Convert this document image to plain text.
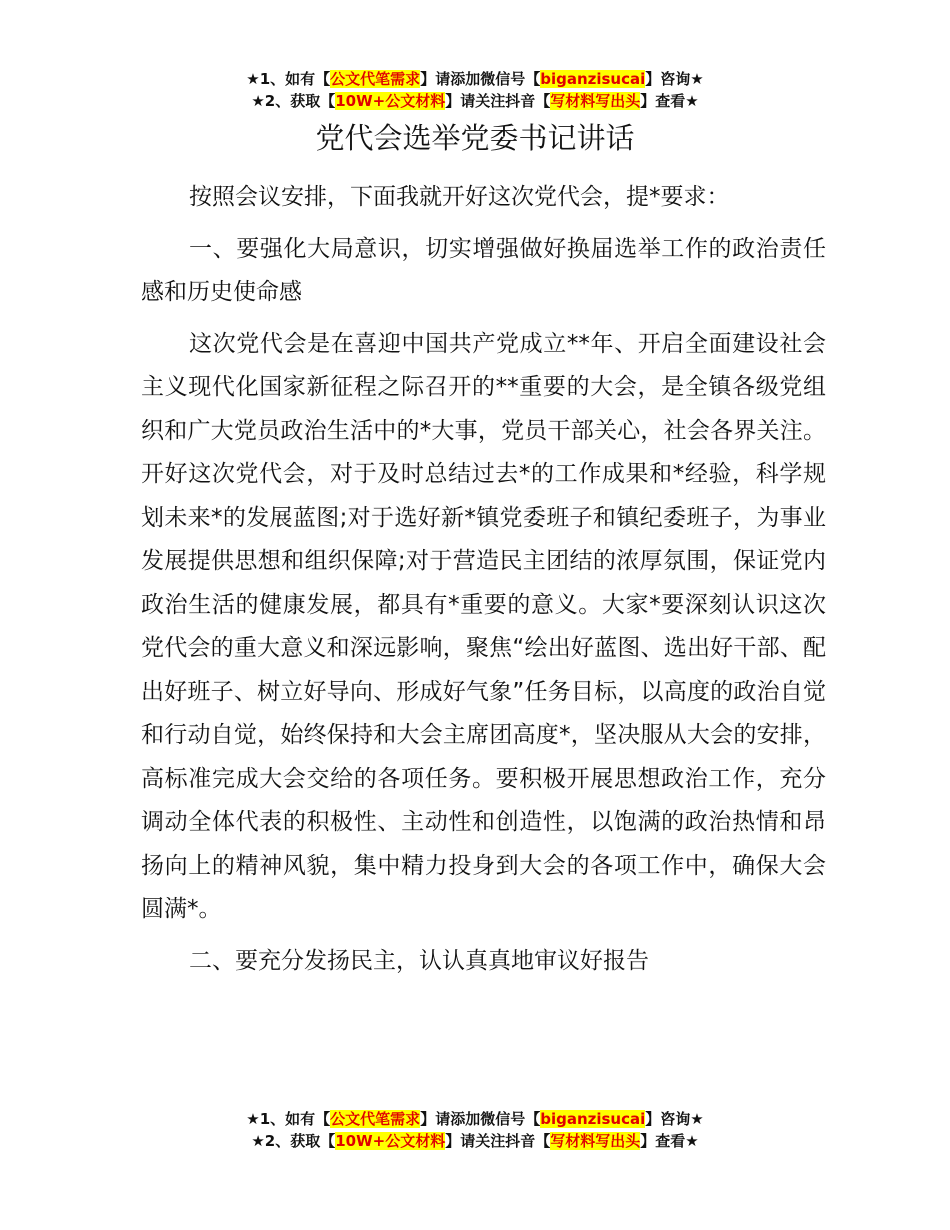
★1、如有【公文代笔需求】请添加微信号【biganzisucai】咨询★
★2、获取【10W+公文材料】请关注抖音【写材料写出头】查看★
党代会选举党委书记讲话

按照会议安排，下面我就开好这次党代会，提*要求：

一、要强化大局意识，切实增强做好换届选举工作的政治责任感和历史使命感

这次党代会是在喜迎中国共产党成立**年、开启全面建设社会主义现代化国家新征程之际召开的**重要的大会，是全镇各级党组织和广大党员政治生活中的*大事，党员干部关心，社会各界关注。开好这次党代会，对于及时总结过去*的工作成果和*经验，科学规划未来*的发展蓝图;对于选好新*镇党委班子和镇纪委班子，为事业发展提供思想和组织保障;对于营造民主团结的浓厚氛围，保证党内政治生活的健康发展，都具有*重要的意义。大家*要深刻认识这次党代会的重大意义和深远影响，聚焦“绘出好蓝图、选出好干部、配出好班子、树立好导向、形成好气象”任务目标，以高度的政治自觉和行动自觉，始终保持和大会主席团高度*，坚决服从大会的安排，高标准完成大会交给的各项任务。要积极开展思想政治工作，充分调动全体代表的积极性、主动性和创造性，以饱满的政治热情和昂扬向上的精神风貌，集中精力投身到大会的各项工作中，确保大会圆满*。

二、要充分发扬民主，认认真真地审议好报告

★1、如有【公文代笔需求】请添加微信号【biganzisucai】咨询★
★2、获取【10W+公文材料】请关注抖音【写材料写出头】查看★
